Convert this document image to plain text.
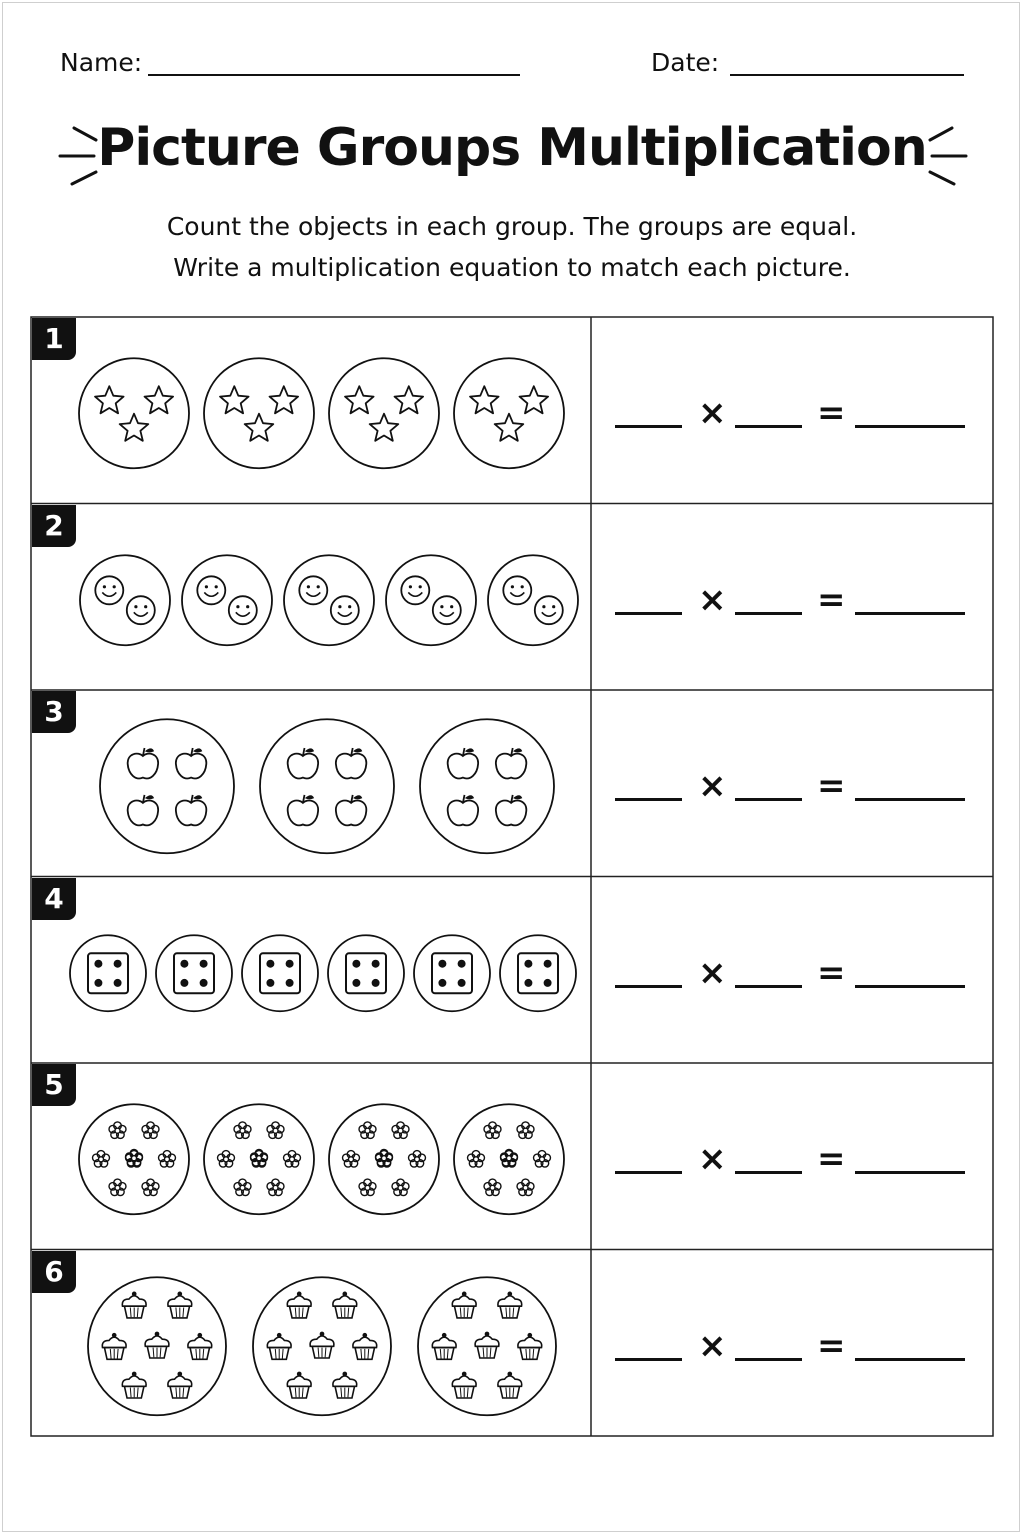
Name:	Date:
Picture Groups Multiplication
Count the objects in each group. The groups are equal.
Write a multiplication equation to match each picture.
1
×	=
2
×	=
3
×	=
4
×	=
5
×	=
6
×	=
